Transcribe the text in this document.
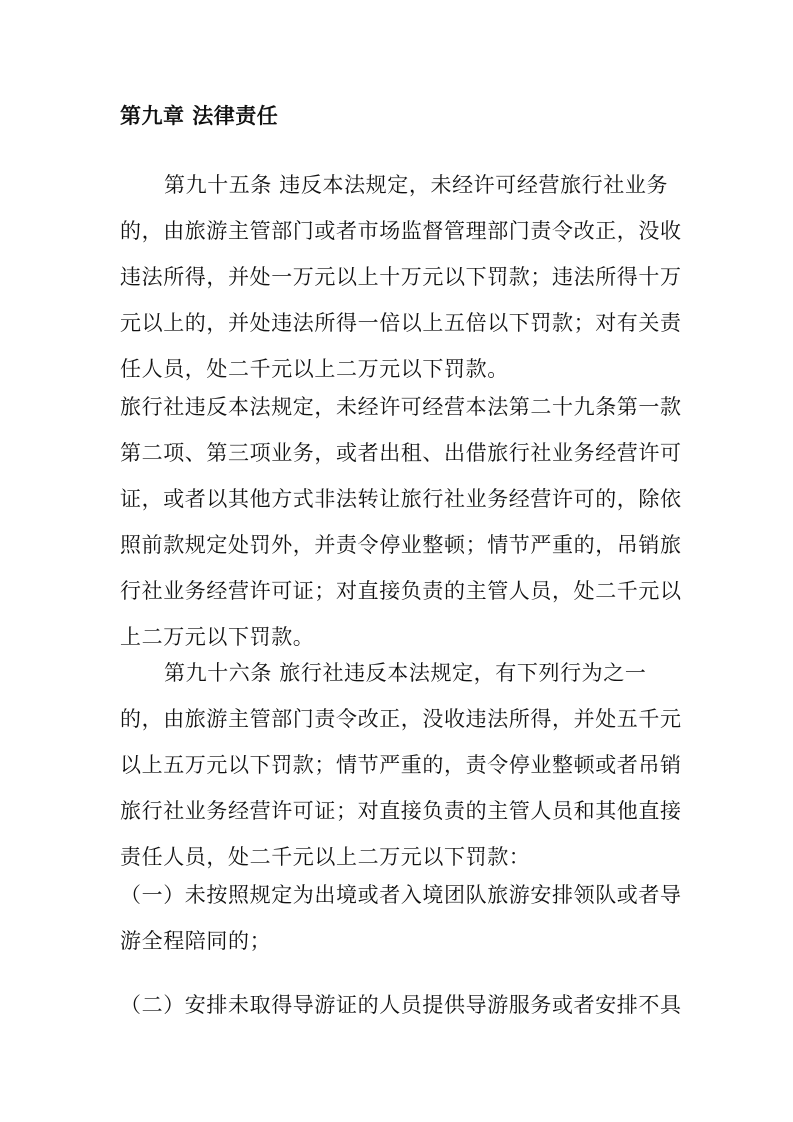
第九章 法律责任

第九十五条 违反本法规定，未经许可经营旅行社业务
的，由旅游主管部门或者市场监督管理部门责令改正，没收
违法所得，并处一万元以上十万元以下罚款；违法所得十万
元以上的，并处违法所得一倍以上五倍以下罚款；对有关责
任人员，处二千元以上二万元以下罚款。

旅行社违反本法规定，未经许可经营本法第二十九条第一款
第二项、第三项业务，或者出租、出借旅行社业务经营许可
证，或者以其他方式非法转让旅行社业务经营许可的，除依
照前款规定处罚外，并责令停业整顿；情节严重的，吊销旅
行社业务经营许可证；对直接负责的主管人员，处二千元以
上二万元以下罚款。

第九十六条 旅行社违反本法规定，有下列行为之一
的，由旅游主管部门责令改正，没收违法所得，并处五千元
以上五万元以下罚款；情节严重的，责令停业整顿或者吊销
旅行社业务经营许可证；对直接负责的主管人员和其他直接
责任人员，处二千元以上二万元以下罚款：

（一）未按照规定为出境或者入境团队旅游安排领队或者导
游全程陪同的；

（二）安排未取得导游证的人员提供导游服务或者安排不具
